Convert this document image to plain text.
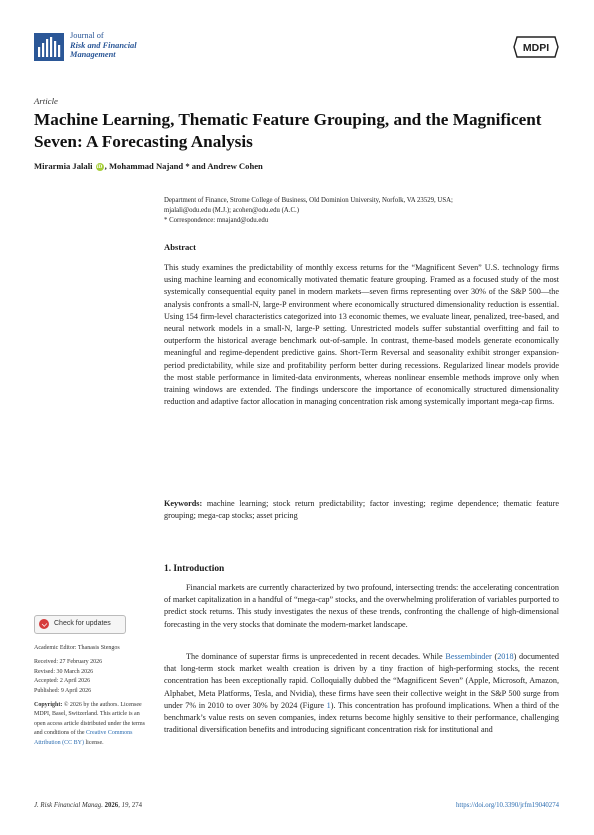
Journal of
Risk and Financial
Management
MDPI
Article
Machine Learning, Thematic Feature Grouping, and the Magnificent Seven: A Forecasting Analysis
Mirarmia Jalali iD , Mohammad Najand * and Andrew Cohen
Department of Finance, Strome College of Business, Old Dominion University, Norfolk, VA 23529, USA;
mjalali@odu.edu (M.J.); acohen@odu.edu (A.C.)
* Correspondence: mnajand@odu.edu
Abstract
This study examines the predictability of monthly excess returns for the “Magnificent Seven” U.S. technology firms using machine learning and economically motivated thematic feature grouping. Framed as a focused study of the most systemically consequential equity panel in modern markets—seven firms representing over 30% of the S&P 500—the analysis confronts a small-N, large-P environment where economically structured dimensionality reduction is essential. Using 154 firm-level characteristics categorized into 13 economic themes, we evaluate linear, penalized, tree-based, and neural network models in a small-N, large-P setting. Unrestricted models suffer substantial overfitting and fail to outperform the historical average benchmark out-of-sample. In contrast, theme-based models generate economically meaningful and regime-dependent predictive gains. Short-Term Reversal and seasonality exhibit stronger expansion-period predictability, while size and profitability perform better during recessions. Regularized linear models provide the most stable performance in limited-data environments, whereas nonlinear ensemble methods improve only when training windows are extended. The findings underscore the importance of economically structured dimensionality reduction and adaptive factor allocation in managing concentration risk among systemically important mega-cap firms.
Keywords: machine learning; stock return predictability; factor investing; regime dependence; thematic feature grouping; mega-cap stocks; asset pricing
1. Introduction
Financial markets are currently characterized by two profound, intersecting trends: the accelerating concentration of market capitalization in a handful of “mega-cap” stocks, and the overwhelming proliferation of variables purported to predict stock returns. This study investigates the nexus of these trends, confronting the challenge of high-dimensional forecasting in the very stocks that dominate the modern-market landscape.
The dominance of superstar firms is unprecedented in recent decades. While Bessembinder (2018) documented that long-term stock market wealth creation is driven by a tiny fraction of high-performing stocks, the recent concentration has been exceptionally rapid. Colloquially dubbed the “Magnificent Seven” (Apple, Microsoft, Amazon, Alphabet, Meta Platforms, Tesla, and Nvidia), these firms have seen their collective weight in the S&P 500 surge from under 7% in 2010 to over 30% by 2024 (Figure 1). This concentration has profound implications. When a third of the benchmark’s value rests on seven companies, index returns become highly sensitive to their performance, challenging traditional diversification benefits and introducing significant concentration risk for institutional and
Check for updates
Academic Editor: Thanasis Stengos
Received: 27 February 2026
Revised: 30 March 2026
Accepted: 2 April 2026
Published: 9 April 2026
Copyright: © 2026 by the authors. Licensee MDPI, Basel, Switzerland. This article is an open access article distributed under the terms and conditions of the Creative Commons Attribution (CC BY) license.
J. Risk Financial Manag. 2026, 19, 274	https://doi.org/10.3390/jrfm19040274
